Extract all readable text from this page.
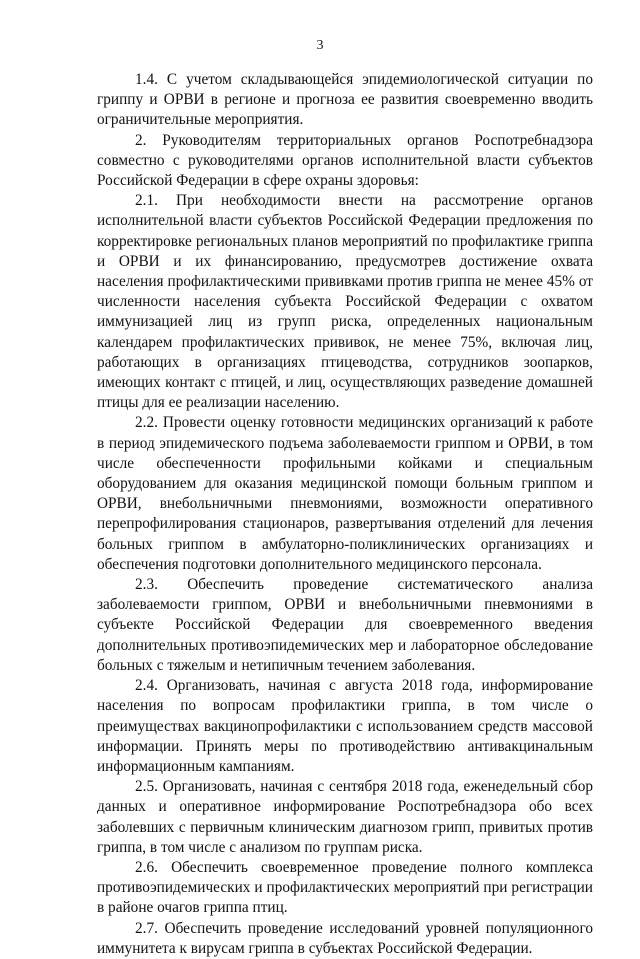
3

1.4. С учетом складывающейся эпидемиологической ситуации по гриппу и ОРВИ в регионе и прогноза ее развития своевременно вводить ограничительные мероприятия.

2. Руководителям территориальных органов Роспотребнадзора совместно с руководителями органов исполнительной власти субъектов Российской Федерации в сфере охраны здоровья:

2.1. При необходимости внести на рассмотрение органов исполнительной власти субъектов Российской Федерации предложения по корректировке региональных планов мероприятий по профилактике гриппа и ОРВИ и их финансированию, предусмотрев достижение охвата населения профилактическими прививками против гриппа не менее 45% от численности населения субъекта Российской Федерации с охватом иммунизацией лиц из групп риска, определенных национальным календарем профилактических прививок, не менее 75%, включая лиц, работающих в организациях птицеводства, сотрудников зоопарков, имеющих контакт с птицей, и лиц, осуществляющих разведение домашней птицы для ее реализации населению.

2.2. Провести оценку готовности медицинских организаций к работе в период эпидемического подъема заболеваемости гриппом и ОРВИ, в том числе обеспеченности профильными койками и специальным оборудованием для оказания медицинской помощи больным гриппом и ОРВИ, внебольничными пневмониями, возможности оперативного перепрофилирования стационаров, развертывания отделений для лечения больных гриппом в амбулаторно-поликлинических организациях и обеспечения подготовки дополнительного медицинского персонала.

2.3. Обеспечить проведение систематического анализа заболеваемости гриппом, ОРВИ и внебольничными пневмониями в субъекте Российской Федерации для своевременного введения дополнительных противоэпидемических мер и лабораторное обследование больных с тяжелым и нетипичным течением заболевания.

2.4. Организовать, начиная с августа 2018 года, информирование населения по вопросам профилактики гриппа, в том числе о преимуществах вакцинопрофилактики с использованием средств массовой информации. Принять меры по противодействию антивакцинальным информационным кампаниям.

2.5. Организовать, начиная с сентября 2018 года, еженедельный сбор данных и оперативное информирование Роспотребнадзора обо всех заболевших с первичным клиническим диагнозом грипп, привитых против гриппа, в том числе с анализом по группам риска.

2.6. Обеспечить своевременное проведение полного комплекса противоэпидемических и профилактических мероприятий при регистрации в районе очагов гриппа птиц.

2.7. Обеспечить проведение исследований уровней популяционного иммунитета к вирусам гриппа в субъектах Российской Федерации.
